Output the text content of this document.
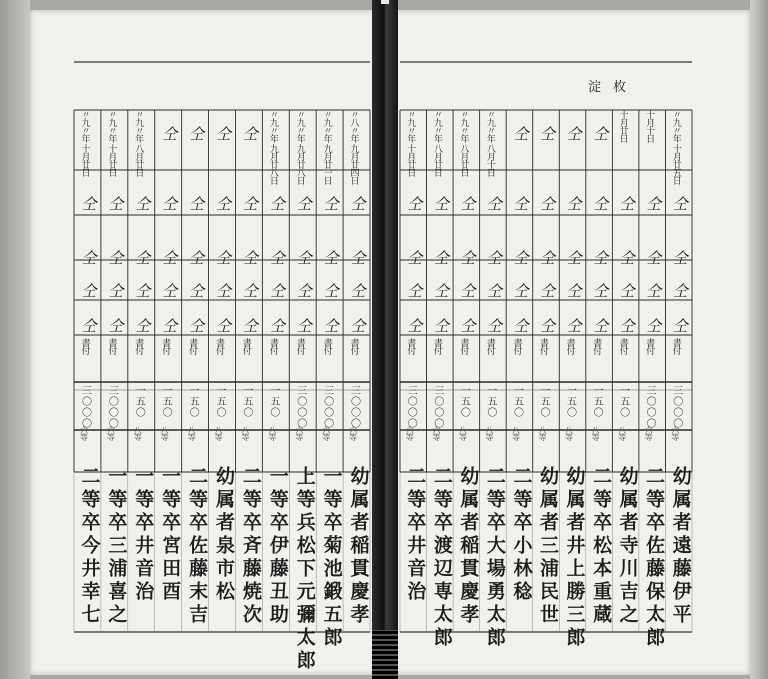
淀 枚
〃八〃年 九月廿四日
書付
三〇〇〇
六等
幼属者稲貫慶孝
仝
仝
仝
仝
〃九〃年 九月廿一日
書付
三〇〇〇
六等
一等卒菊池鍛五郎
仝
仝
仝
仝
〃九〃年 九月廿八日
書付
三〇〇〇
六等
上等兵松下元彌太郎
仝
仝
仝
仝
〃九〃年 九月廿八日
書付
一五〇
八等
一等卒伊藤丑助
仝
仝
仝
仝
書付
一五〇
八等
二等卒斉藤焼次
仝
仝
仝
仝
仝
書付
一五〇
八等
幼属者泉市松
仝
仝
仝
仝
仝
書付
一五〇
八等
二等卒佐藤末吉
仝
仝
仝
仝
仝
書付
一五〇
八等
一等卒宮田酉
仝
仝
仝
仝
仝
〃九〃年 八月廿日
書付
一五〇
八等
一等卒井音治
仝
仝
仝
仝
〃九〃年 十月廿日
書付
三〇〇〇
六等
一等卒三浦喜之
仝
仝
仝
仝
〃九〃年 十月廿日
書付
三〇〇〇
六等
二等卒今井幸七
仝
仝
仝
仝
〃九〃年 十月廿五日
書付
三〇〇〇
六等
幼属者遠藤伊平
仝
仝
仝
仝
十月十日
書付
三〇〇〇
六等
二等卒佐藤保太郎
仝
仝
仝
仝
十月廿日
書付
一五〇
八等
幼属者寺川吉之
仝
仝
仝
仝
書付
一五〇
八等
二等卒松本重蔵
仝
仝
仝
仝
仝
書付
一五〇
八等
幼属者井上勝三郎
仝
仝
仝
仝
仝
書付
一五〇
八等
幼属者三浦民世
仝
仝
仝
仝
仝
書付
一五〇
八等
二等卒小林稔
仝
仝
仝
仝
仝
〃九〃年 八月十日
書付
一五〇
八等
二等卒大場勇太郎
仝
仝
仝
仝
〃九〃年 八月廿日
書付
一五〇
八等
幼属者稲貫慶孝
仝
仝
仝
仝
〃九〃年 八月廿日
書付
三〇〇〇
六等
二等卒渡辺専太郎
仝
仝
仝
仝
〃九〃年 十月廿日
書付
三〇〇〇
六等
二等卒井音治
仝
仝
仝
仝
